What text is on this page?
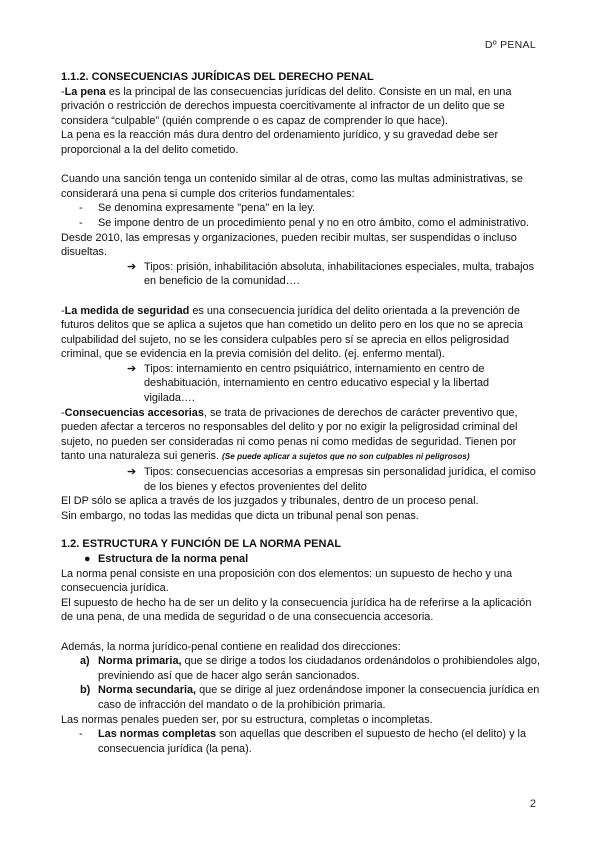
Dº PENAL

1.1.2. CONSECUENCIAS JURÍDICAS DEL DERECHO PENAL

-La pena es la principal de las consecuencias jurídicas del delito. Consiste en un mal, en una privación o restricción de derechos impuesta coercitivamente al infractor de un delito que se considera “culpable” (quién comprende o es capaz de comprender lo que hace).

La pena es la reacción más dura dentro del ordenamiento jurídico, y su gravedad debe ser proporcional a la del delito cometido.

Cuando una sanción tenga un contenido similar al de otras, como las multas administrativas, se considerará una pena si cumple dos criterios fundamentales:

- Se denomina expresamente "pena" en la ley.
- Se impone dentro de un procedimiento penal y no en otro ámbito, como el administrativo.

Desde 2010, las empresas y organizaciones, pueden recibir multas, ser suspendidas o incluso disueltas.

➔ Tipos: prisión, inhabilitación absoluta, inhabilitaciones especiales, multa, trabajos en beneficio de la comunidad….

-La medida de seguridad es una consecuencia jurídica del delito orientada a la prevención de futuros delitos que se aplica a sujetos que han cometido un delito pero en los que no se aprecia culpabilidad del sujeto, no se les considera culpables pero sí se aprecia en ellos peligrosidad criminal, que se evidencia en la previa comisión del delito. (ej. enfermo mental).

➔ Tipos: internamiento en centro psiquiátrico, internamiento en centro de deshabituación, internamiento en centro educativo especial y la libertad vigilada….

-Consecuencias accesorias, se trata de privaciones de derechos de carácter preventivo que, pueden afectar a terceros no responsables del delito y por no exigir la peligrosidad criminal del sujeto, no pueden ser consideradas ni como penas ni como medidas de seguridad. Tienen por tanto una naturaleza sui generis. (Se puede aplicar a sujetos que no son culpables ni peligrosos)

➔ Tipos: consecuencias accesorias a empresas sin personalidad jurídica, el comiso de los bienes y efectos provenientes del delito

El DP sólo se aplica a través de los juzgados y tribunales, dentro de un proceso penal.

Sin embargo, no todas las medidas que dicta un tribunal penal son penas.

1.2. ESTRUCTURA Y FUNCIÓN DE LA NORMA PENAL

● Estructura de la norma penal

La norma penal consiste en una proposición con dos elementos: un supuesto de hecho y una consecuencia jurídica.

El supuesto de hecho ha de ser un delito y la consecuencia jurídica ha de referirse a la aplicación de una pena, de una medida de seguridad o de una consecuencia accesoria.

Además, la norma jurídico-penal contiene en realidad dos direcciones:

a) Norma primaria, que se dirige a todos los ciudadanos ordenándolos o prohibiendoles algo, previniendo así que de hacer algo serán sancionados.

b) Norma secundaria, que se dirige al juez ordenándose imponer la consecuencia jurídica en caso de infracción del mandato o de la prohibición primaria.

Las normas penales pueden ser, por su estructura, completas o incompletas.

- Las normas completas son aquellas que describen el supuesto de hecho (el delito) y la consecuencia jurídica (la pena).
2
